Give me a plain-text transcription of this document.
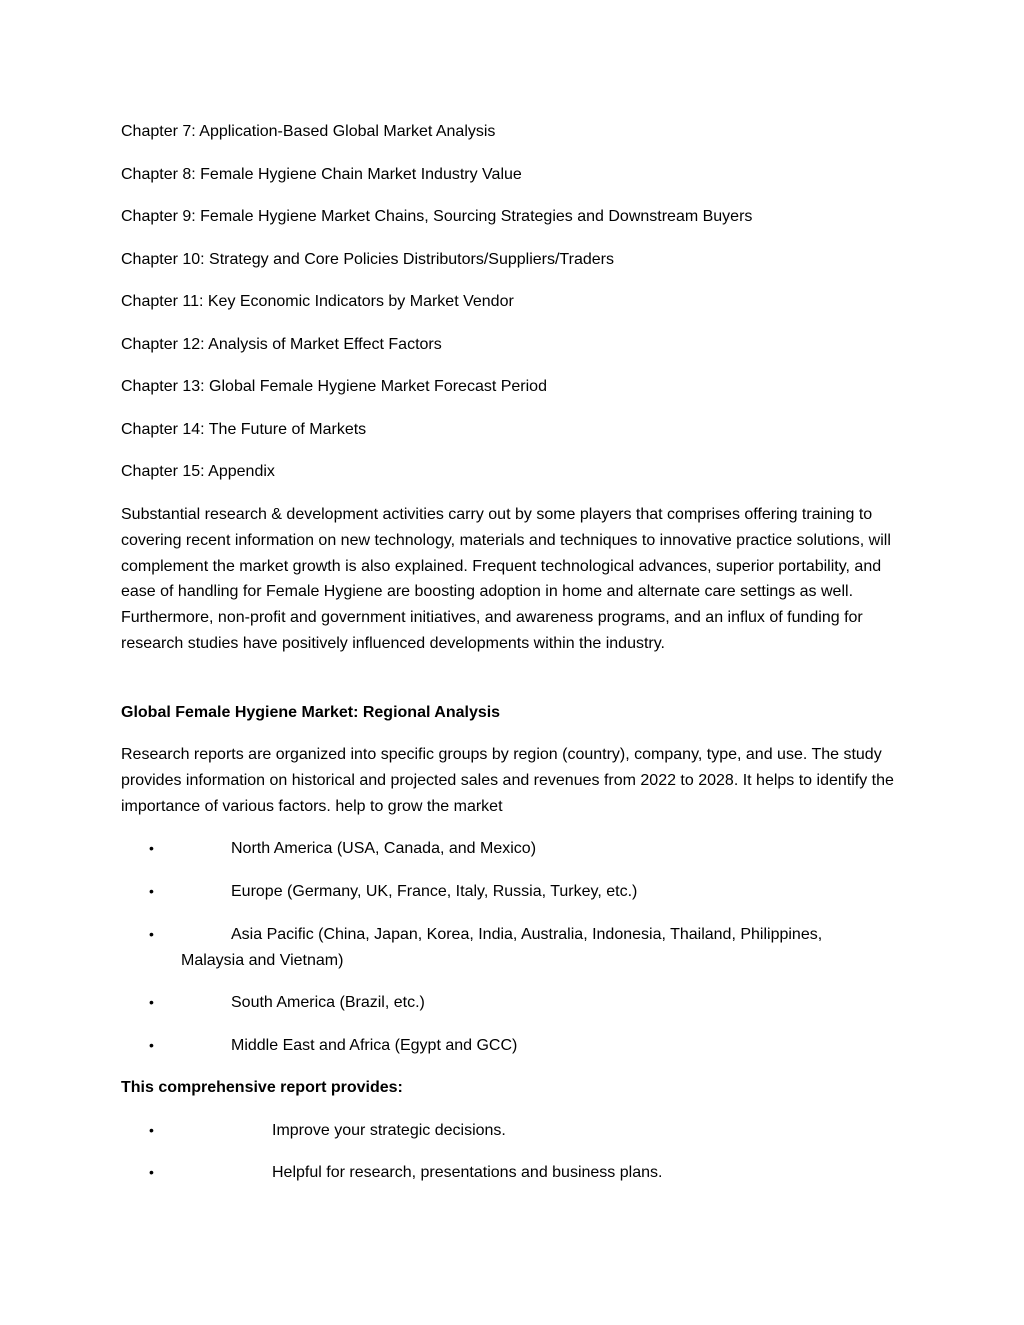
Chapter 7: Application-Based Global Market Analysis
Chapter 8: Female Hygiene Chain Market Industry Value
Chapter 9: Female Hygiene Market Chains, Sourcing Strategies and Downstream Buyers
Chapter 10: Strategy and Core Policies Distributors/Suppliers/Traders
Chapter 11: Key Economic Indicators by Market Vendor
Chapter 12: Analysis of Market Effect Factors
Chapter 13: Global Female Hygiene Market Forecast Period
Chapter 14: The Future of Markets
Chapter 15: Appendix
Substantial research & development activities carry out by some players that comprises offering training to covering recent information on new technology, materials and techniques to innovative practice solutions, will complement the market growth is also explained. Frequent technological advances, superior portability, and ease of handling for Female Hygiene are boosting adoption in home and alternate care settings as well. Furthermore, non-profit and government initiatives, and awareness programs, and an influx of funding for research studies have positively influenced developments within the industry.
Global Female Hygiene Market: Regional Analysis
Research reports are organized into specific groups by region (country), company, type, and use. The study provides information on historical and projected sales and revenues from 2022 to 2028. It helps to identify the importance of various factors. help to grow the market
•	North America (USA, Canada, and Mexico)
•	Europe (Germany, UK, France, Italy, Russia, Turkey, etc.)
•	Asia Pacific (China, Japan, Korea, India, Australia, Indonesia, Thailand, Philippines,
Malaysia and Vietnam)
•	South America (Brazil, etc.)
•	Middle East and Africa (Egypt and GCC)
This comprehensive report provides:
•	Improve your strategic decisions.
•	Helpful for research, presentations and business plans.
